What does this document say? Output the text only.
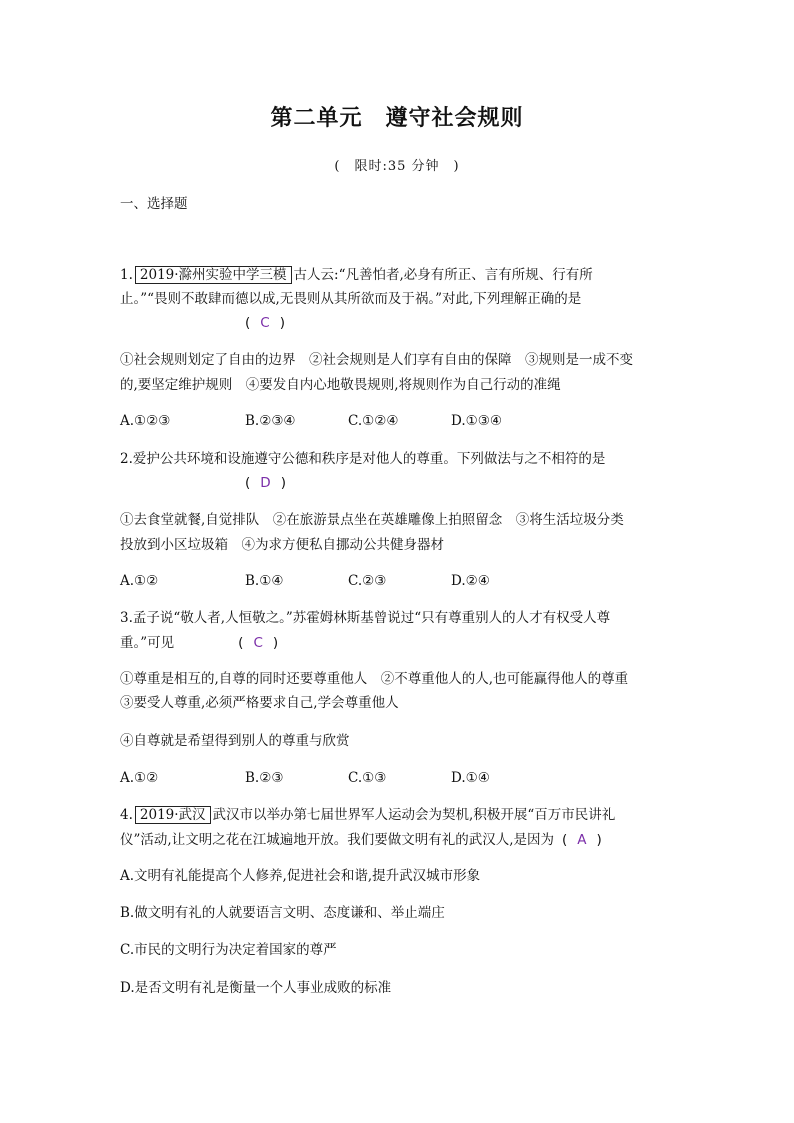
第二单元　遵守社会规则
(　限时:35 分钟　)
一、选择题
1. 2019·滁州实验中学三模 古人云:“凡善怕者,必身有所正、言有所规、行有所
止。”“畏则不敢肆而德以成,无畏则从其所欲而及于祸。”对此,下列理解正确的是
( C )
①社会规则划定了自由的边界　②社会规则是人们享有自由的保障　③规则是一成不变
的,要坚定维护规则　④要发自内心地敬畏规则,将规则作为自己行动的准绳
A.①②③	B.②③④	C.①②④	D.①③④
2.爱护公共环境和设施遵守公德和秩序是对他人的尊重。下列做法与之不相符的是
( D )
①去食堂就餐,自觉排队　②在旅游景点坐在英雄雕像上拍照留念　③将生活垃圾分类
投放到小区垃圾箱　④为求方便私自挪动公共健身器材
A.①②	B.①④	C.②③	D.②④
3.孟子说“敬人者,人恒敬之。”苏霍姆林斯基曾说过“只有尊重别人的人才有权受人尊
重。”可见	( C )
①尊重是相互的,自尊的同时还要尊重他人　②不尊重他人的人,也可能赢得他人的尊重
③要受人尊重,必须严格要求自己,学会尊重他人
④自尊就是希望得到别人的尊重与欣赏
A.①②	B.②③	C.①③	D.①④
4. 2019·武汉 武汉市以举办第七届世界军人运动会为契机,积极开展“百万市民讲礼
仪”活动,让文明之花在江城遍地开放。我们要做文明有礼的武汉人,是因为 ( A )
A.文明有礼能提高个人修养,促进社会和谐,提升武汉城市形象
B.做文明有礼的人就要语言文明、态度谦和、举止端庄
C.市民的文明行为决定着国家的尊严
D.是否文明有礼是衡量一个人事业成败的标准
